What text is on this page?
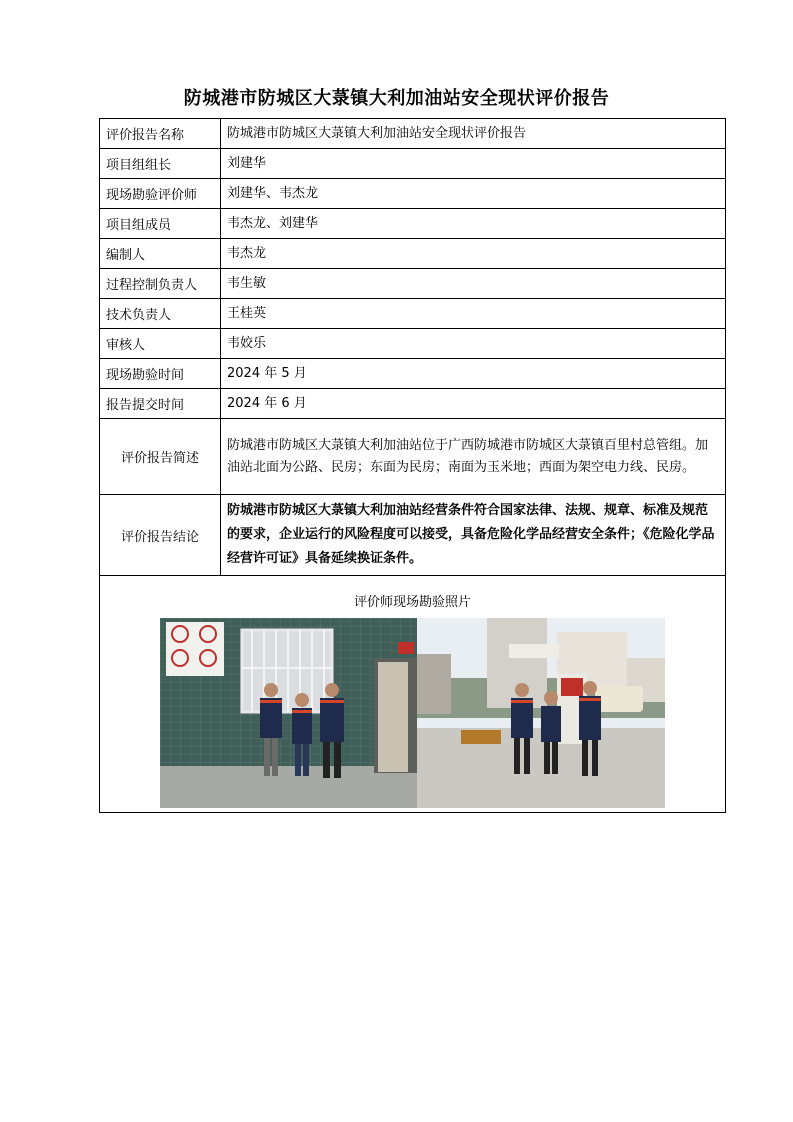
防城港市防城区大菉镇大利加油站安全现状评价报告
评价报告名称	防城港市防城区大菉镇大利加油站安全现状评价报告
项目组组长	刘建华
现场勘验评价师	刘建华、韦杰龙
项目组成员	韦杰龙、刘建华
编制人	韦杰龙
过程控制负责人	韦生敏
技术负责人	王桂英
审核人	韦姣乐
现场勘验时间	2024 年 5 月
报告提交时间	2024 年 6 月
评价报告简述	防城港市防城区大菉镇大利加油站位于广西防城港市防城区大菉镇百里村总管组。加油站北面为公路、民房；东面为民房；南面为玉米地；西面为架空电力线、民房。
评价报告结论	防城港市防城区大菉镇大利加油站经营条件符合国家法律、法规、规章、标准及规范的要求，企业运行的风险程度可以接受，具备危险化学品经营安全条件；《危险化学品经营许可证》具备延续换证条件。

评价师现场勘验照片	
